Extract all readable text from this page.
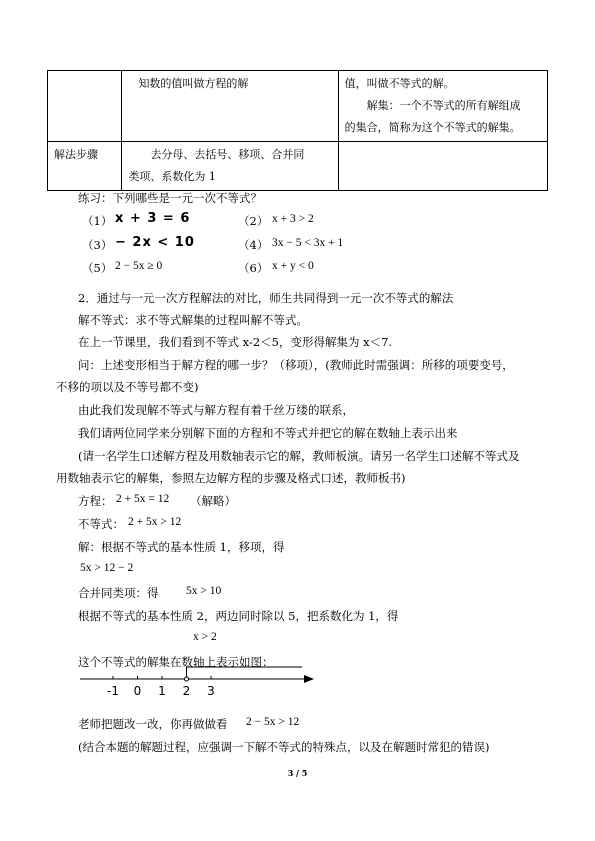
	知数的值叫做方程的解	值，叫做不等式的解。
解集：一个不等式的所有解组成
的集合，简称为这个不等式的解集。

解法步骤	去分母、去括号、移项、合并同
类项、系数化为 1	

练习：下列哪些是一元一次不等式？
（1） x + 3 = 6	（2） x + 3 > 2
（3） − 2x < 10	（4） 3x − 5 < 3x + 1
（5） 2 − 5x ≥ 0	（6） x + y < 0
2．通过与一元一次方程解法的对比，师生共同得到一元一次不等式的解法
解不等式：求不等式解集的过程叫解不等式。
在上一节课里，我们看到不等式 x-2＜5，变形得解集为 x＜7.
问：上述变形相当于解方程的哪一步？（移项），(教师此时需强调：所移的项要变号，
不移的项以及不等号都不变)
由此我们发现解不等式与解方程有着千丝万缕的联系，
我们请两位同学来分别解下面的方程和不等式并把它的解在数轴上表示出来
(请一名学生口述解方程及用数轴表示它的解，教师板演。请另一名学生口述解不等式及
用数轴表示它的解集，参照左边解方程的步骤及格式口述，教师板书)
方程： 2 + 5x = 12 （解略）
不等式： 2 + 5x > 12
解：根据不等式的基本性质 1，移项，得
5x > 12 − 2
合并同类项：得 5x > 10
根据不等式的基本性质 2，两边同时除以 5，把系数化为 1，得
x > 2
这个不等式的解集在数轴上表示如图：
-1 0 1 2 3
老师把题改一改，你再做做看 2 − 5x > 12
(结合本题的解题过程，应强调一下解不等式的特殊点，以及在解题时常犯的错误)
3 / 5
